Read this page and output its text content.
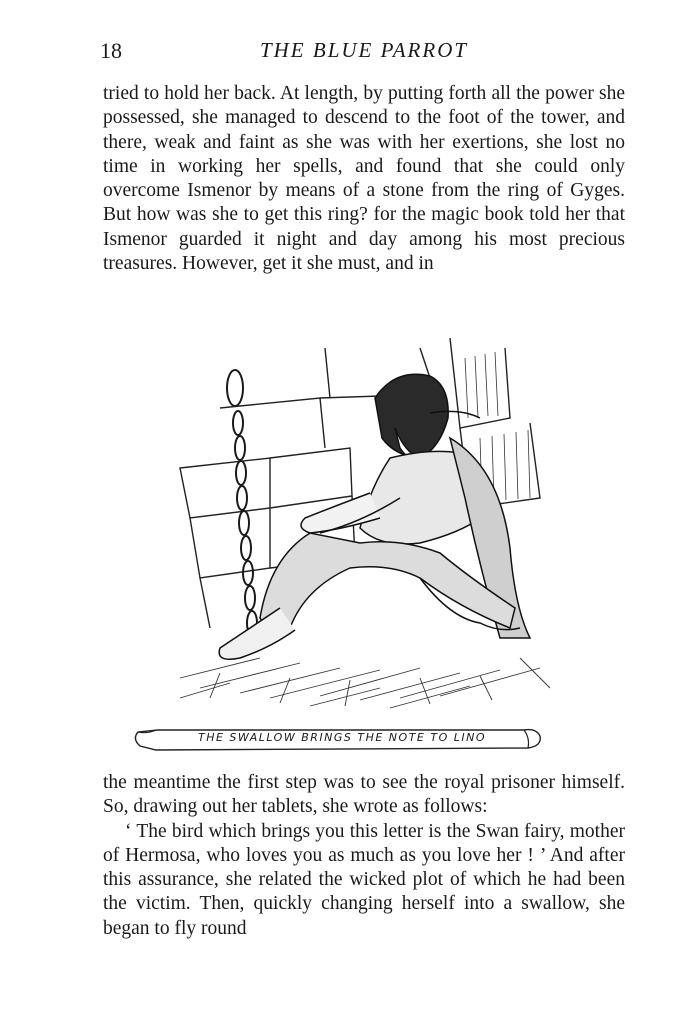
18	THE BLUE PARROT

tried to hold her back. At length, by putting forth all the power she possessed, she managed to descend to the foot of the tower, and there, weak and faint as she was with her exertions, she lost no time in working her spells, and found that she could only overcome Ismenor by means of a stone from the ring of Gyges. But how was she to get this ring? for the magic book told her that Ismenor guarded it night and day among his most precious treasures. However, get it she must, and in

THE SWALLOW BRINGS THE NOTE TO LINO

the meantime the first step was to see the royal prisoner himself. So, drawing out her tablets, she wrote as follows:

‘ The bird which brings you this letter is the Swan fairy, mother of Hermosa, who loves you as much as you love her ! ’ And after this assurance, she related the wicked plot of which he had been the victim. Then, quickly changing herself into a swallow, she began to fly round
